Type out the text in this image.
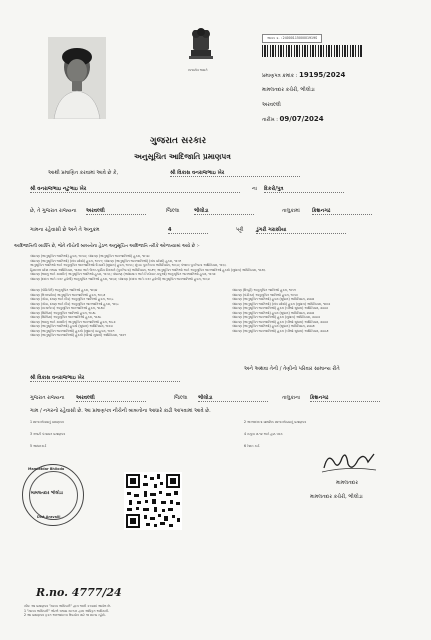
સત્યમેવ જયતે
આવક ક્ર. : 2400011500001919S
પ્રમાણપત્ર ક્રમાંક : 19195/2024
મામલતદાર કચેરી, ભીલોડા
અરવલ્લી
તારીખ : 09/07/2024
ગુજરાત સરકાર
અનુસૂચિત આદિજાતિ પ્રમાણપત્ર
આથી પ્રમાણિત કરવામાં આવે છે કે,	શ્રી વિકાસ વનરાજભાઇ ખેર
શ્રી વનરાજભાઇ નટુભાઇ ખેર	ના દિકરો/પુત્ર
છે, તે ગુજરાત રાજ્યના અરવલ્લી	જિલ્લા	ભીલોડા	તાલુકામાં કિશનગઢ
ગામના રહેવાસી છે અને તે અનુક્રમ	4	પટ્ટી	ડુંગરી ગરાસીયા
આદિજાતિની વ્યક્તિ છે, જેને નીચેની બાબતોના હેઠળ અનુસૂચિત આદિજાતિ તરીકે ઓળખવામાં આવે છે :-
બંધારણ (અનુસૂચિત જાતિઓ) હુકમ, ૧૯૫૦; બંધારણ (અનુસૂચિત જનજાતિઓ) હુકમ, ૧૯૫૦
બંધારણ (અનુસૂચિત જાતિઓ) (સંઘ પ્રદેશો) હુકમ, ૧૯૫૧; બંધારણ (અનુસૂચિત જનજાતિઓ) (સંઘ પ્રદેશો) હુકમ, ૧૯૫૧
અનુસૂચિત જાતિઓ અને અનુસૂચિત જનજાતિઓની યાદી (સુધારા) હુકમ, ૧૯૫૬; મુંબઇ પુનર્રચના અધિનિયમ, ૧૯૬૦; પંજાબ પુનર્રચના અધિનિયમ, ૧૯૬૬
હિમાચલ પ્રદેશ રાજ્ય અધિનિયમ, ૧૯૭૦ અને ઉત્તર-પૂર્વીય વિસ્તારો (પુનર્રચના) અધિનિયમ, ૧૯૭૧; અનુસૂચિત જાતિઓ અને અનુસૂચિત જનજાતિઓ હુકમો (સુધારા) અધિનિયમ, ૧૯૭૬
બંધારણ (જમ્મુ અને કાશ્મીર) અનુસૂચિત જાતિઓ હુકમ, ૧૯૫૬; બંધારણ (આંદામાન અને નિકોબાર ટાપુઓ) અનુસૂચિત જનજાતિઓ હુકમ, ૧૯૫૯
બંધારણ (દાદરા અને નગર હવેલી) અનુસૂચિત જાતિઓ હુકમ, ૧૯૬૨; બંધારણ (દાદરા અને નગર હવેલી) અનુસૂચિત જનજાતિઓ હુકમ, ૧૯૬૨
બંધારણ (પોંડિચેરી) અનુસૂચિત જાતિઓ હુકમ, ૧૯૬૪
બંધારણ (ઉત્તરપ્રદેશ) અનુસૂચિત જનજાતિઓ હુકમ, ૧૯૬૭
બંધારણ (ગોવા, દમણ અને દીવ) અનુસૂચિત જાતિઓ હુકમ, ૧૯૬૮
બંધારણ (ગોવા, દમણ અને દીવ) અનુસૂચિત જનજાતિઓ હુકમ, ૧૯૬૮
બંધારણ (નાગાલેન્ડ) અનુસૂચિત જનજાતિઓ હુકમ, ૧૯૭૦
બંધારણ (સિક્કિમ) અનુસૂચિત જાતિઓ હુકમ, ૧૯૭૮
બંધારણ (સિક્કિમ) અનુસૂચિત જનજાતિઓ હુકમ, ૧૯૭૮
બંધારણ (જમ્મુ અને કાશ્મીર) અનુસૂચિત જનજાતિઓ હુકમ, ૧૯૮૯
બંધારણ (અનુસૂચિત જાતિઓ) હુકમો (સુધારા) અધિનિયમ, ૧૯૯૦
બંધારણ (અનુસૂચિત જનજાતિઓ) હુકમો (સુધારા) વટહુકમ, ૧૯૯૧
બંધારણ (અનુસૂચિત જનજાતિઓ) હુકમો (બીજો સુધારા) અધિનિયમ, ૧૯૯૧
બંધારણ (દિલ્હી) અનુસૂચિત જાતિઓ હુકમ, ૧૯૫૧
બંધારણ (ચંડીગઢ) અનુસૂચિત જાતિઓ હુકમ, ૧૯૫૯
બંધારણ (અનુસૂચિત જાતિઓ) હુકમ (સુધારા) અધિનિયમ, ૨૦૦૨
બંધારણ (અનુસૂચિત જાતિઓ) (સંઘ પ્રદેશો) હુકમ (સુધારા) અધિનિયમ, ૧૯૯૨
બંધારણ (અનુસૂચિત જનજાતિઓ) હુકમ (બીજો સુધારા) અધિનિયમ, ૨૦૦૨
બંધારણ (અનુસૂચિત જાતિઓ) હુકમ (સુધારા) અધિનિયમ, ૨૦૦૨
બંધારણ (અનુસૂચિત જનજાતિઓ) હુકમ (સુધારા) અધિનિયમ, ૨૦૦૩
બંધારણ (અનુસૂચિત જનજાતિઓ) હુકમ (બીજો સુધારા) અધિનિયમ, ૨૦૦૨
બંધારણ (અનુસૂચિત જાતિઓ) હુકમ (સુધારા) અધિનિયમ, ૨૦૦૭
બંધારણ (અનુસૂચિત જનજાતિઓ) હુકમ (બીજો સુધારા) અધિનિયમ, ૨૦૦૭
અને અથવા તેની / તેણીનો પરિવાર સામાન્ય રીતે
શ્રી વિકાસ વનરાજભાઇ ખેર
ગુજરાત રાજ્યના અરવલ્લી	જિલ્લા ભીલોડા	તાલુકાના કિશનગઢ
ગામ / નગરનો રહેવાસી છે. આ પ્રમાણપત્ર નીચેની બાબતોના આધારે કાઢી આપવામાં આવે છે.
1 શાળા છોડ્યાનું પ્રમાણપત્ર
3 તલાટી પંચાયત પ્રમાણપત્ર
5 આધારકાર્ડ
2 અરજદારના પ્રાથમિક શાળા છોડયાનું પ્રમાણપત્ર
4 નમૂના ૭-૧૨ અને હક્ક પત્રક
6 રેશન કાર્ડ
Mamlatdar Bhiloda
મામલતદાર ભીલોડા
Dist Aravalli
મામલતદાર
મામલતદાર કચેરી, ભીલોડા
R.no. 4777/24
નોંધ: આ પ્રમાણપત્ર "માન્ય અધિકારી" દ્વારા જારી કરવામાં આવેલ છે.
1 "માન્ય અધિકારી" એટલે રાજ્ય સરકાર દ્વારા અધિકૃત અધિકારી.
2 આ પ્રમાણપત્ર ફક્ત અરજદારના ઉપયોગ માટે જ માન્ય રહેશે.
